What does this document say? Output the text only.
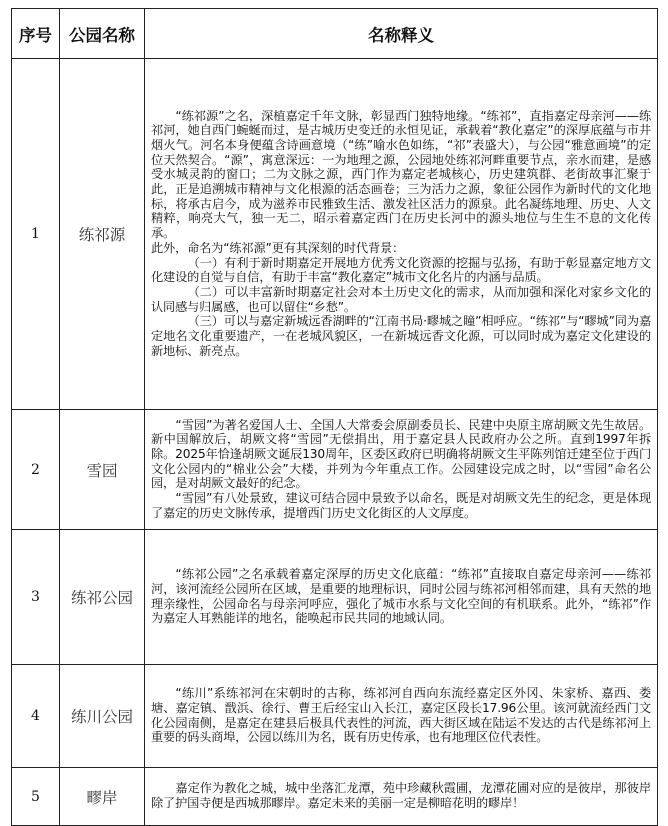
序号	公园名称	名称释义
1	练祁源	“练祁源”之名，深植嘉定千年文脉，彰显西门独特地缘。“练祁”，直指嘉定母亲河——练祁河，她自西门蜿蜒而过，是古城历史变迁的永恒见证，承载着“教化嘉定”的深厚底蕴与市井烟火气。河名本身便蕴含诗画意境（“练”喻水色如练，“祁”表盛大），与公园“雅意画境”的定位天然契合。“源”，寓意深远：一为地理之源，公园地处练祁河畔重要节点，亲水而建，是感受水城灵韵的窗口；二为文脉之源，西门作为嘉定老城核心，历史建筑群、老街故事汇聚于此，正是追溯城市精神与文化根源的活态画卷；三为活力之源，象征公园作为新时代的文化地标，将承古启今，成为滋养市民雅致生活、激发社区活力的源泉。此名凝练地理、历史、人文精粹，响亮大气，独一无二，昭示着嘉定西门在历史长河中的源头地位与生生不息的文化传承。

此外，命名为“练祁源”更有其深刻的时代背景：

（一）有利于新时期嘉定开展地方优秀文化资源的挖掘与弘扬，有助于彰显嘉定地方文化建设的自觉与自信，有助于丰富“教化嘉定”城市文化名片的内涵与品质。

（二）可以丰富新时期嘉定社会对本土历史文化的需求，从而加强和深化对家乡文化的认同感与归属感，也可以留住“乡愁”。

（三）可以与嘉定新城远香湖畔的“江南书局·疁城之瞳”相呼应。“练祁”与“疁城”同为嘉定地名文化重要遗产，一在老城风貌区，一在新城远香文化源，可以同时成为嘉定文化建设的新地标、新亮点。

2	雪园	“雪园”为著名爱国人士、全国人大常委会原副委员长、民建中央原主席胡厥文先生故居。新中国解放后，胡厥文将“雪园”无偿捐出，用于嘉定县人民政府办公之所。直到1997年拆除。2025年恰逢胡厥文诞辰130周年，区委区政府已明确将胡厥文生平陈列馆迁建至位于西门文化公园内的“棉业公会”大楼，并列为今年重点工作。公园建设完成之时，以“雪园”命名公园，是对胡厥文最好的纪念。

“雪园”有八处景致，建议可结合园中景致予以命名，既是对胡厥文先生的纪念，更是体现了嘉定的历史文脉传承，提增西门历史文化街区的人文厚度。

3	练祁公园	“练祁公园”之名承载着嘉定深厚的历史文化底蕴：“练祁”直接取自嘉定母亲河——练祁河，该河流经公园所在区域，是重要的地理标识，同时公园与练祁河相邻而建，具有天然的地理亲缘性，公园命名与母亲河呼应，强化了城市水系与文化空间的有机联系。此外，“练祁”作为嘉定人耳熟能详的地名，能唤起市民共同的地域认同。

4	练川公园	“练川”系练祁河在宋朝时的古称，练祁河自西向东流经嘉定区外冈、朱家桥、嘉西、娄塘、嘉定镇、戬浜、徐行、曹王后经宝山入长江，嘉定区段长17.96公里。该河就流经西门文化公园南侧，是嘉定在建县后极具代表性的河流，西大街区域在陆运不发达的古代是练祁河上重要的码头商埠，公园以练川为名，既有历史传承，也有地理区位代表性。

5	疁岸	嘉定作为教化之城，城中坐落汇龙潭，苑中珍藏秋霞圃，龙潭花圃对应的是彼岸，那彼岸除了护国寺便是西城那疁岸。嘉定未来的美丽一定是柳暗花明的疁岸！
